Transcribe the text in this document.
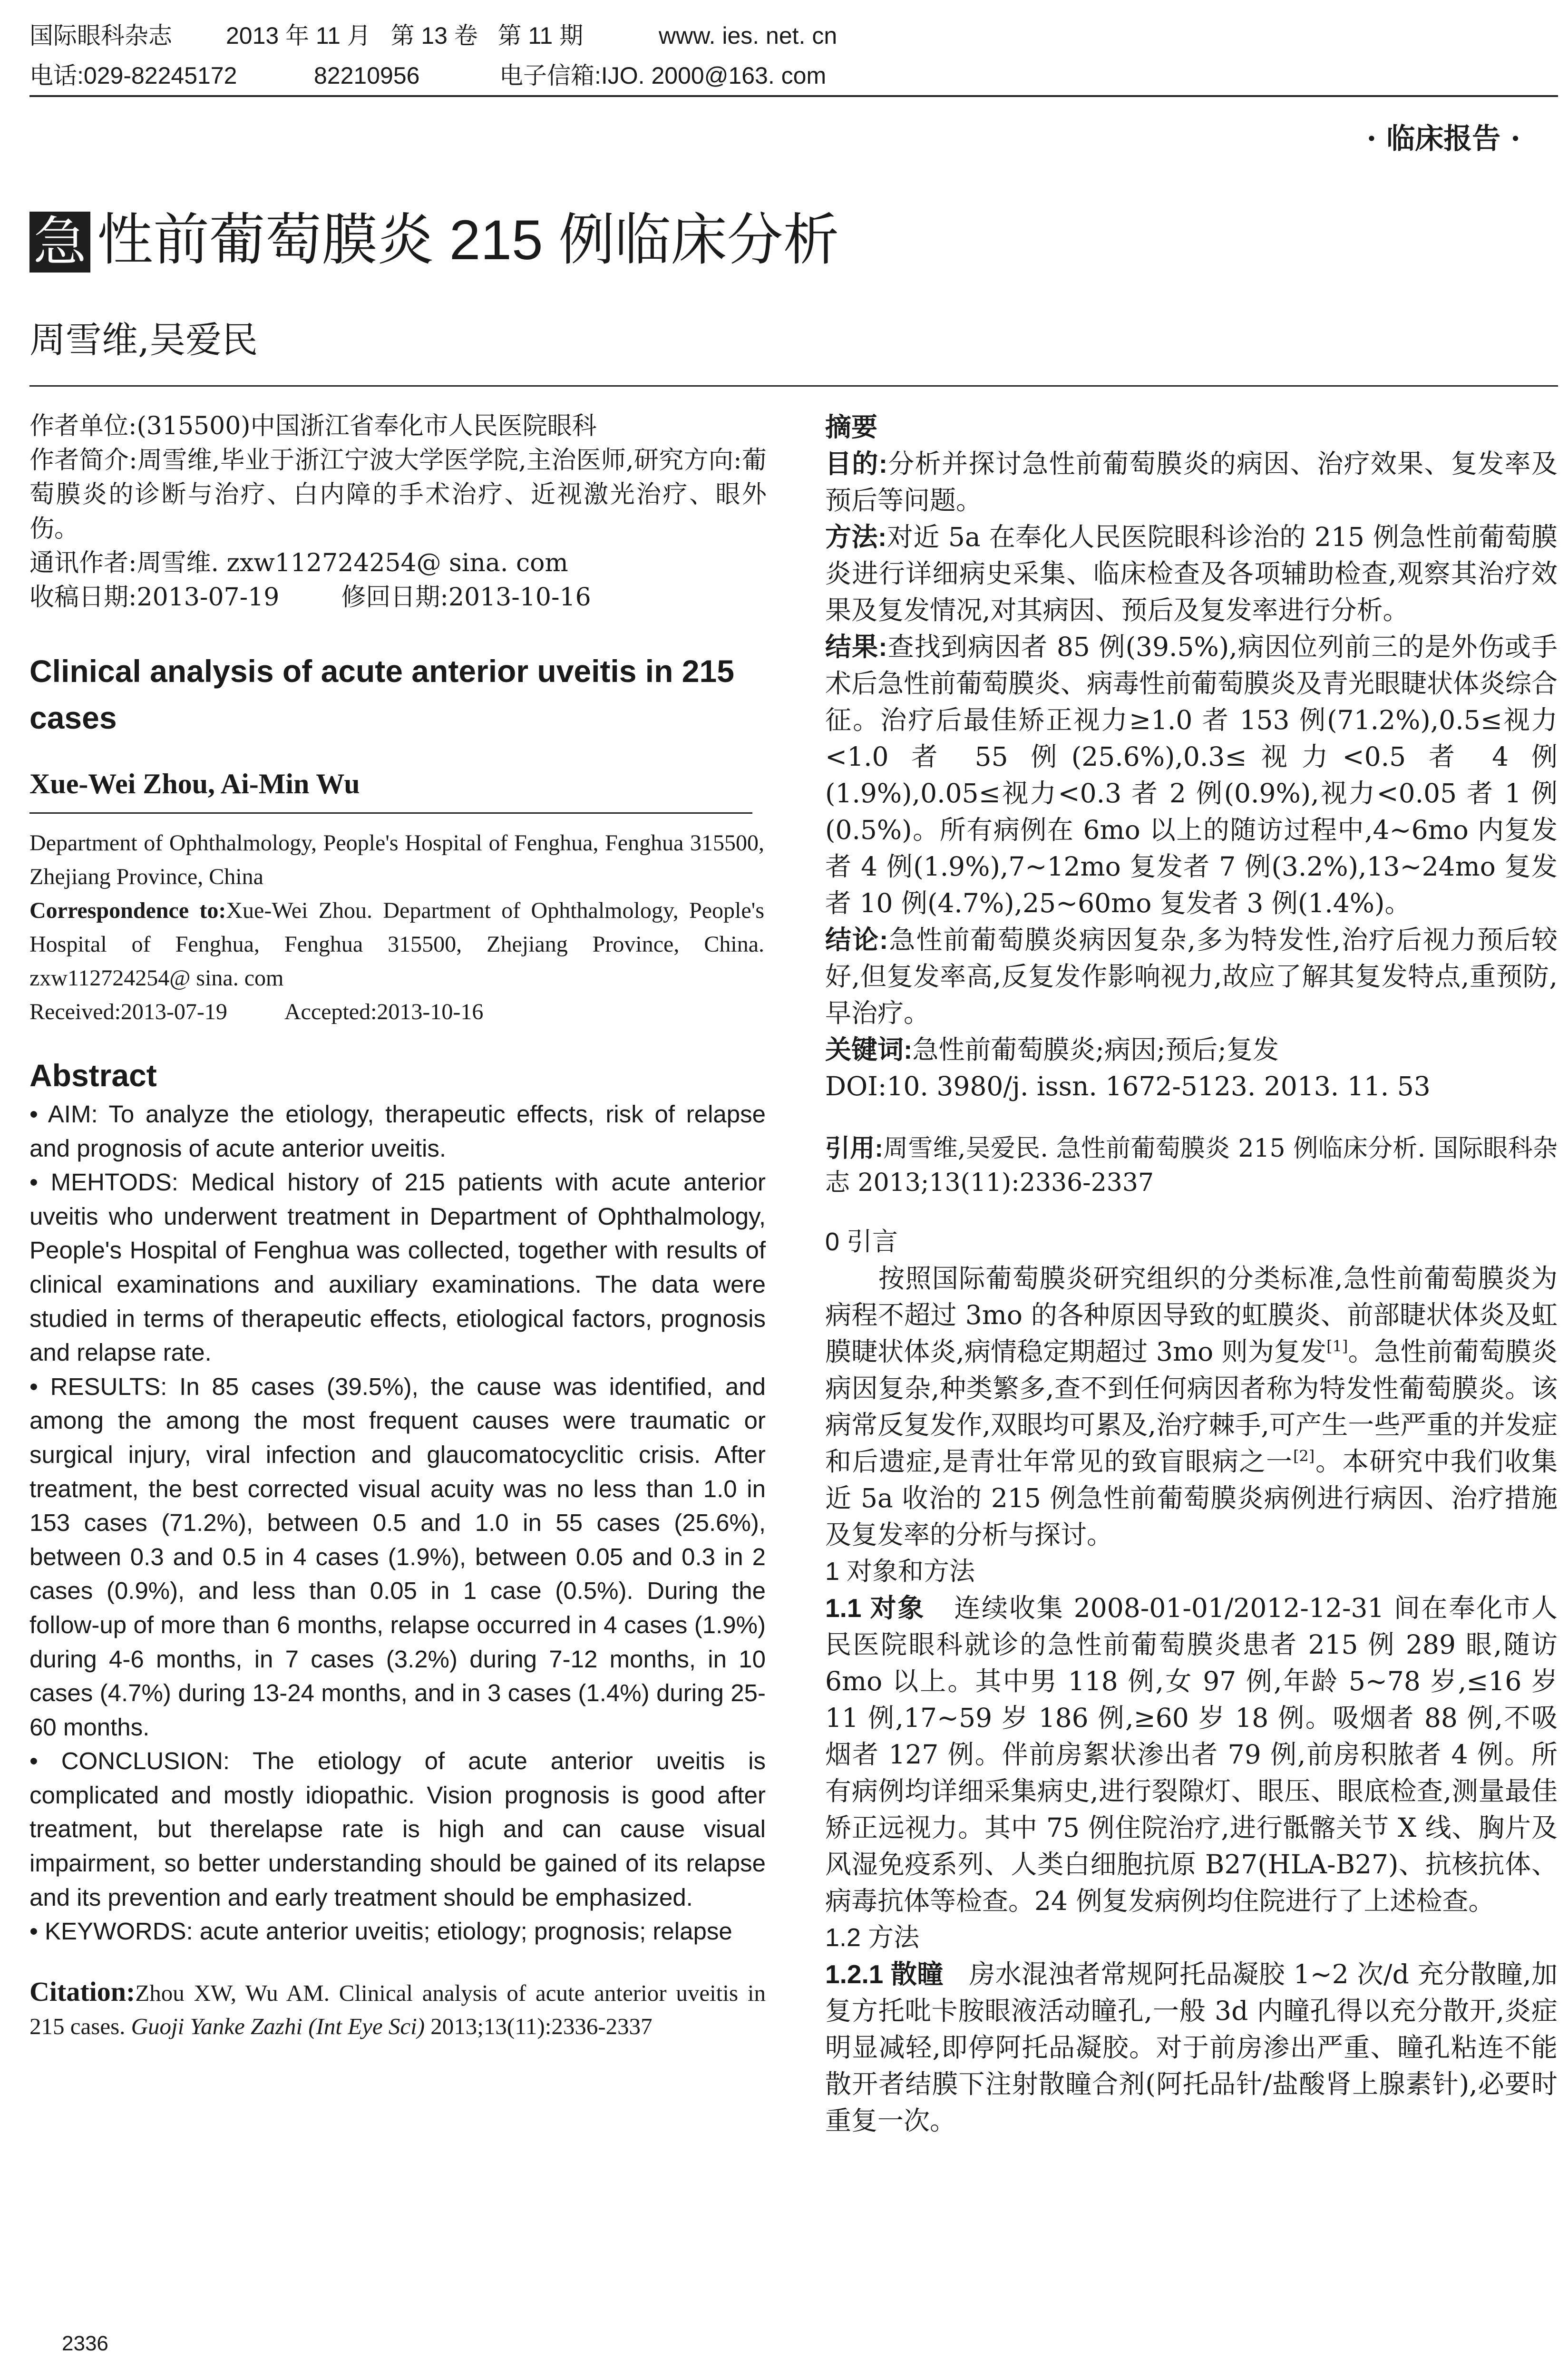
国际眼科杂志 2013 年 11 月   第 13 卷   第 11 期	www. ies. net. cn
电话:029-82245172	82210956	电子信箱:IJO. 2000@163. com
· 临床报告 ·
急 性前葡萄膜炎 215 例临床分析
周雪维,吴爱民

作者单位:(315500)中国浙江省奉化市人民医院眼科

作者简介:周雪维,毕业于浙江宁波大学医学院,主治医师,研究方向:葡萄膜炎的诊断与治疗、白内障的手术治疗、近视激光治疗、眼外伤。

通讯作者:周雪维. zxw112724254@ sina. com

收稿日期:2013-07-19	修回日期:2013-10-16

Clinical analysis of acute anterior uveitis in 215 cases
Xue-Wei Zhou, Ai-Min Wu

Department of Ophthalmology, People's Hospital of Fenghua, Fenghua 315500, Zhejiang Province, China

Correspondence to:Xue-Wei Zhou. Department of Ophthalmology, People's Hospital of Fenghua, Fenghua 315500, Zhejiang Province, China. zxw112724254@ sina. com

Received:2013-07-19	Accepted:2013-10-16

Abstract

• AIM: To analyze the etiology, therapeutic effects, risk of relapse and prognosis of acute anterior uveitis.

• MEHTODS: Medical history of 215 patients with acute anterior uveitis who underwent treatment in Department of Ophthalmology, People's Hospital of Fenghua was collected, together with results of clinical examinations and auxiliary examinations. The data were studied in terms of therapeutic effects, etiological factors, prognosis and relapse rate.

• RESULTS: In 85 cases (39.5%), the cause was identified, and among the among the most frequent causes were traumatic or surgical injury, viral infection and glaucomatocyclitic crisis. After treatment, the best corrected visual acuity was no less than 1.0 in 153 cases (71.2%), between 0.5 and 1.0 in 55 cases (25.6%), between 0.3 and 0.5 in 4 cases (1.9%), between 0.05 and 0.3 in 2 cases (0.9%), and less than 0.05 in 1 case (0.5%). During the follow-up of more than 6 months, relapse occurred in 4 cases (1.9%) during 4-6 months, in 7 cases (3.2%) during 7-12 months, in 10 cases (4.7%) during 13-24 months, and in 3 cases (1.4%) during 25-60 months.

• CONCLUSION: The etiology of acute anterior uveitis is complicated and mostly idiopathic. Vision prognosis is good after treatment, but therelapse rate is high and can cause visual impairment, so better understanding should be gained of its relapse and its prevention and early treatment should be emphasized.

• KEYWORDS: acute anterior uveitis; etiology; prognosis; relapse

Citation:Zhou XW, Wu AM. Clinical analysis of acute anterior uveitis in 215 cases. Guoji Yanke Zazhi (Int Eye Sci) 2013;13(11):2336-2337

摘要

目的:分析并探讨急性前葡萄膜炎的病因、治疗效果、复发率及预后等问题。

方法:对近 5a 在奉化人民医院眼科诊治的 215 例急性前葡萄膜炎进行详细病史采集、临床检查及各项辅助检查,观察其治疗效果及复发情况,对其病因、预后及复发率进行分析。

结果:查找到病因者 85 例(39.5%),病因位列前三的是外伤或手术后急性前葡萄膜炎、病毒性前葡萄膜炎及青光眼睫状体炎综合征。治疗后最佳矫正视力≥1.0 者 153 例(71.2%),0.5≤视力<1.0 者 55 例(25.6%),0.3≤视力<0.5 者 4 例(1.9%),0.05≤视力<0.3 者 2 例(0.9%),视力<0.05 者 1 例(0.5%)。所有病例在 6mo 以上的随访过程中,4~6mo 内复发者 4 例(1.9%),7~12mo 复发者 7 例(3.2%),13~24mo 复发者 10 例(4.7%),25~60mo 复发者 3 例(1.4%)。

结论:急性前葡萄膜炎病因复杂,多为特发性,治疗后视力预后较好,但复发率高,反复发作影响视力,故应了解其复发特点,重预防,早治疗。

关键词:急性前葡萄膜炎;病因;预后;复发

DOI:10. 3980/j. issn. 1672-5123. 2013. 11. 53

引用:周雪维,吴爱民. 急性前葡萄膜炎 215 例临床分析. 国际眼科杂志 2013;13(11):2336-2337

0 引言

按照国际葡萄膜炎研究组织的分类标准,急性前葡萄膜炎为病程不超过 3mo 的各种原因导致的虹膜炎、前部睫状体炎及虹膜睫状体炎,病情稳定期超过 3mo 则为复发[1]。急性前葡萄膜炎病因复杂,种类繁多,查不到任何病因者称为特发性葡萄膜炎。该病常反复发作,双眼均可累及,治疗棘手,可产生一些严重的并发症和后遗症,是青壮年常见的致盲眼病之一[2]。本研究中我们收集近 5a 收治的 215 例急性前葡萄膜炎病例进行病因、治疗措施及复发率的分析与探讨。

1 对象和方法

1.1 对象 连续收集 2008-01-01/2012-12-31 间在奉化市人民医院眼科就诊的急性前葡萄膜炎患者 215 例 289 眼,随访 6mo 以上。其中男 118 例,女 97 例,年龄 5~78 岁,≤16 岁 11 例,17~59 岁 186 例,≥60 岁 18 例。吸烟者 88 例,不吸烟者 127 例。伴前房絮状渗出者 79 例,前房积脓者 4 例。所有病例均详细采集病史,进行裂隙灯、眼压、眼底检查,测量最佳矫正远视力。其中 75 例住院治疗,进行骶髂关节 X 线、胸片及风湿免疫系列、人类白细胞抗原 B27(HLA-B27)、抗核抗体、病毒抗体等检查。24 例复发病例均住院进行了上述检查。

1.2 方法

1.2.1 散瞳 房水混浊者常规阿托品凝胶 1~2 次/d 充分散瞳,加复方托吡卡胺眼液活动瞳孔,一般 3d 内瞳孔得以充分散开,炎症明显减轻,即停阿托品凝胶。对于前房渗出严重、瞳孔粘连不能散开者结膜下注射散瞳合剂(阿托品针/盐酸肾上腺素针),必要时重复一次。

2336
